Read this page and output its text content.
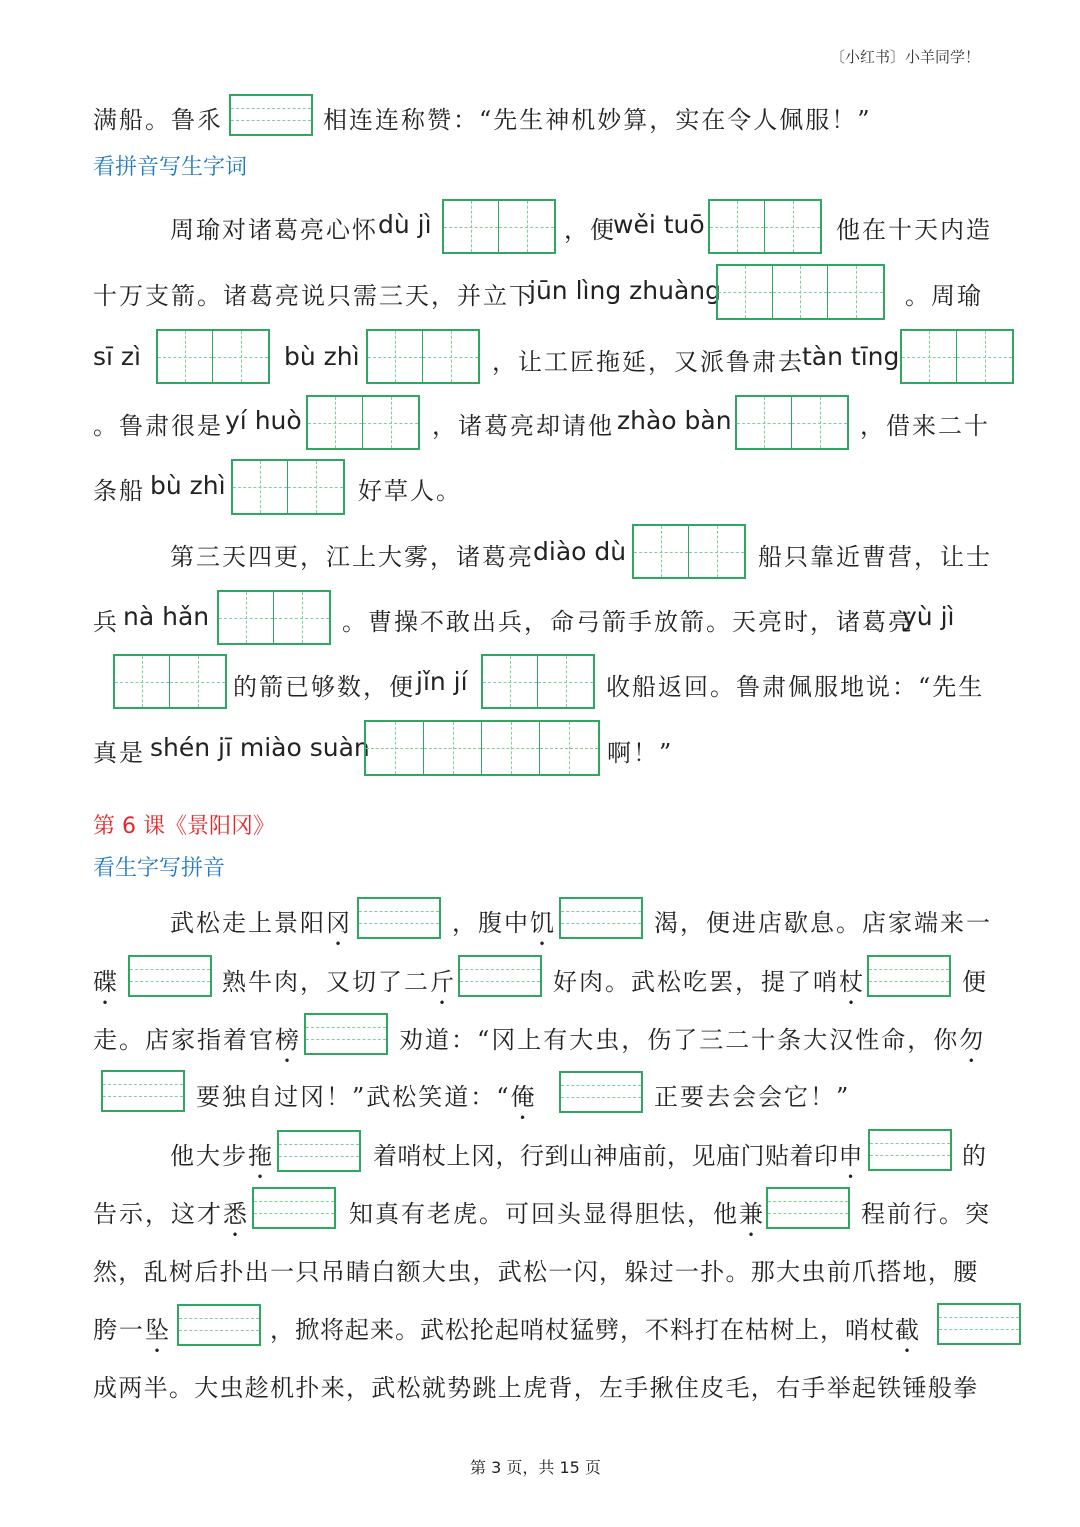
〔小红书〕小羊同学！
满船。鲁乑	相连连称赞：“先生神机妙算，实在令人佩服！”
看拼音写生字词
周瑜对诸葛亮心怀 dù jì	，便
wěi tuō	他在十天内造
十万支箭。诸葛亮说只需三天，并立下
jūn lìng zhuàng	。周瑜
sī zì	bù zhì	，让工匠拖延，又派鲁肃去
tàn tīng
。鲁肃很是 yí huò	，诸葛亮却请他 zhào bàn	，借来二十
条船 bù zhì	好草人。
第三天四更，江上大雾，诸葛亮 diào dù	船只靠近曹营，让士
兵 nà hǎn	。曹操不敢出兵，命弓箭手放箭。天亮时，诸葛亮
yù jì
的箭已够数，便 jǐn jí	收船返回。鲁肃佩服地说：“先生
真是 shén jī miào suàn	啊！”
第 6 课《景阳冈》
看生字写拼音
武松走上景阳冈	，腹中饥	渴，便进店歇息。店家端来一
碟	熟牛肉，又切了二斤	好肉。武松吃罢，提了哨杖	便
走。店家指着官榜	劝道：“冈上有大虫，伤了三二十条大汉性命，你勿
要独自过冈！”武松笑道：“俺	正要去会会它！”
他大步拖	着哨杖上冈，行到山神庙前，见庙门贴着印申	的
告示，这才悉	知真有老虎。可回头显得胆怯，他兼	程前行。突
然，乱树后扑出一只吊睛白额大虫，武松一闪，躲过一扑。那大虫前爪搭地，腰
胯一坠	，掀将起来。武松抡起哨杖猛劈，不料打在枯树上，哨杖截
成两半。大虫趁机扑来，武松就势跳上虎背，左手揪住皮毛，右手举起铁锤般拳
第 3 页，共 15 页
